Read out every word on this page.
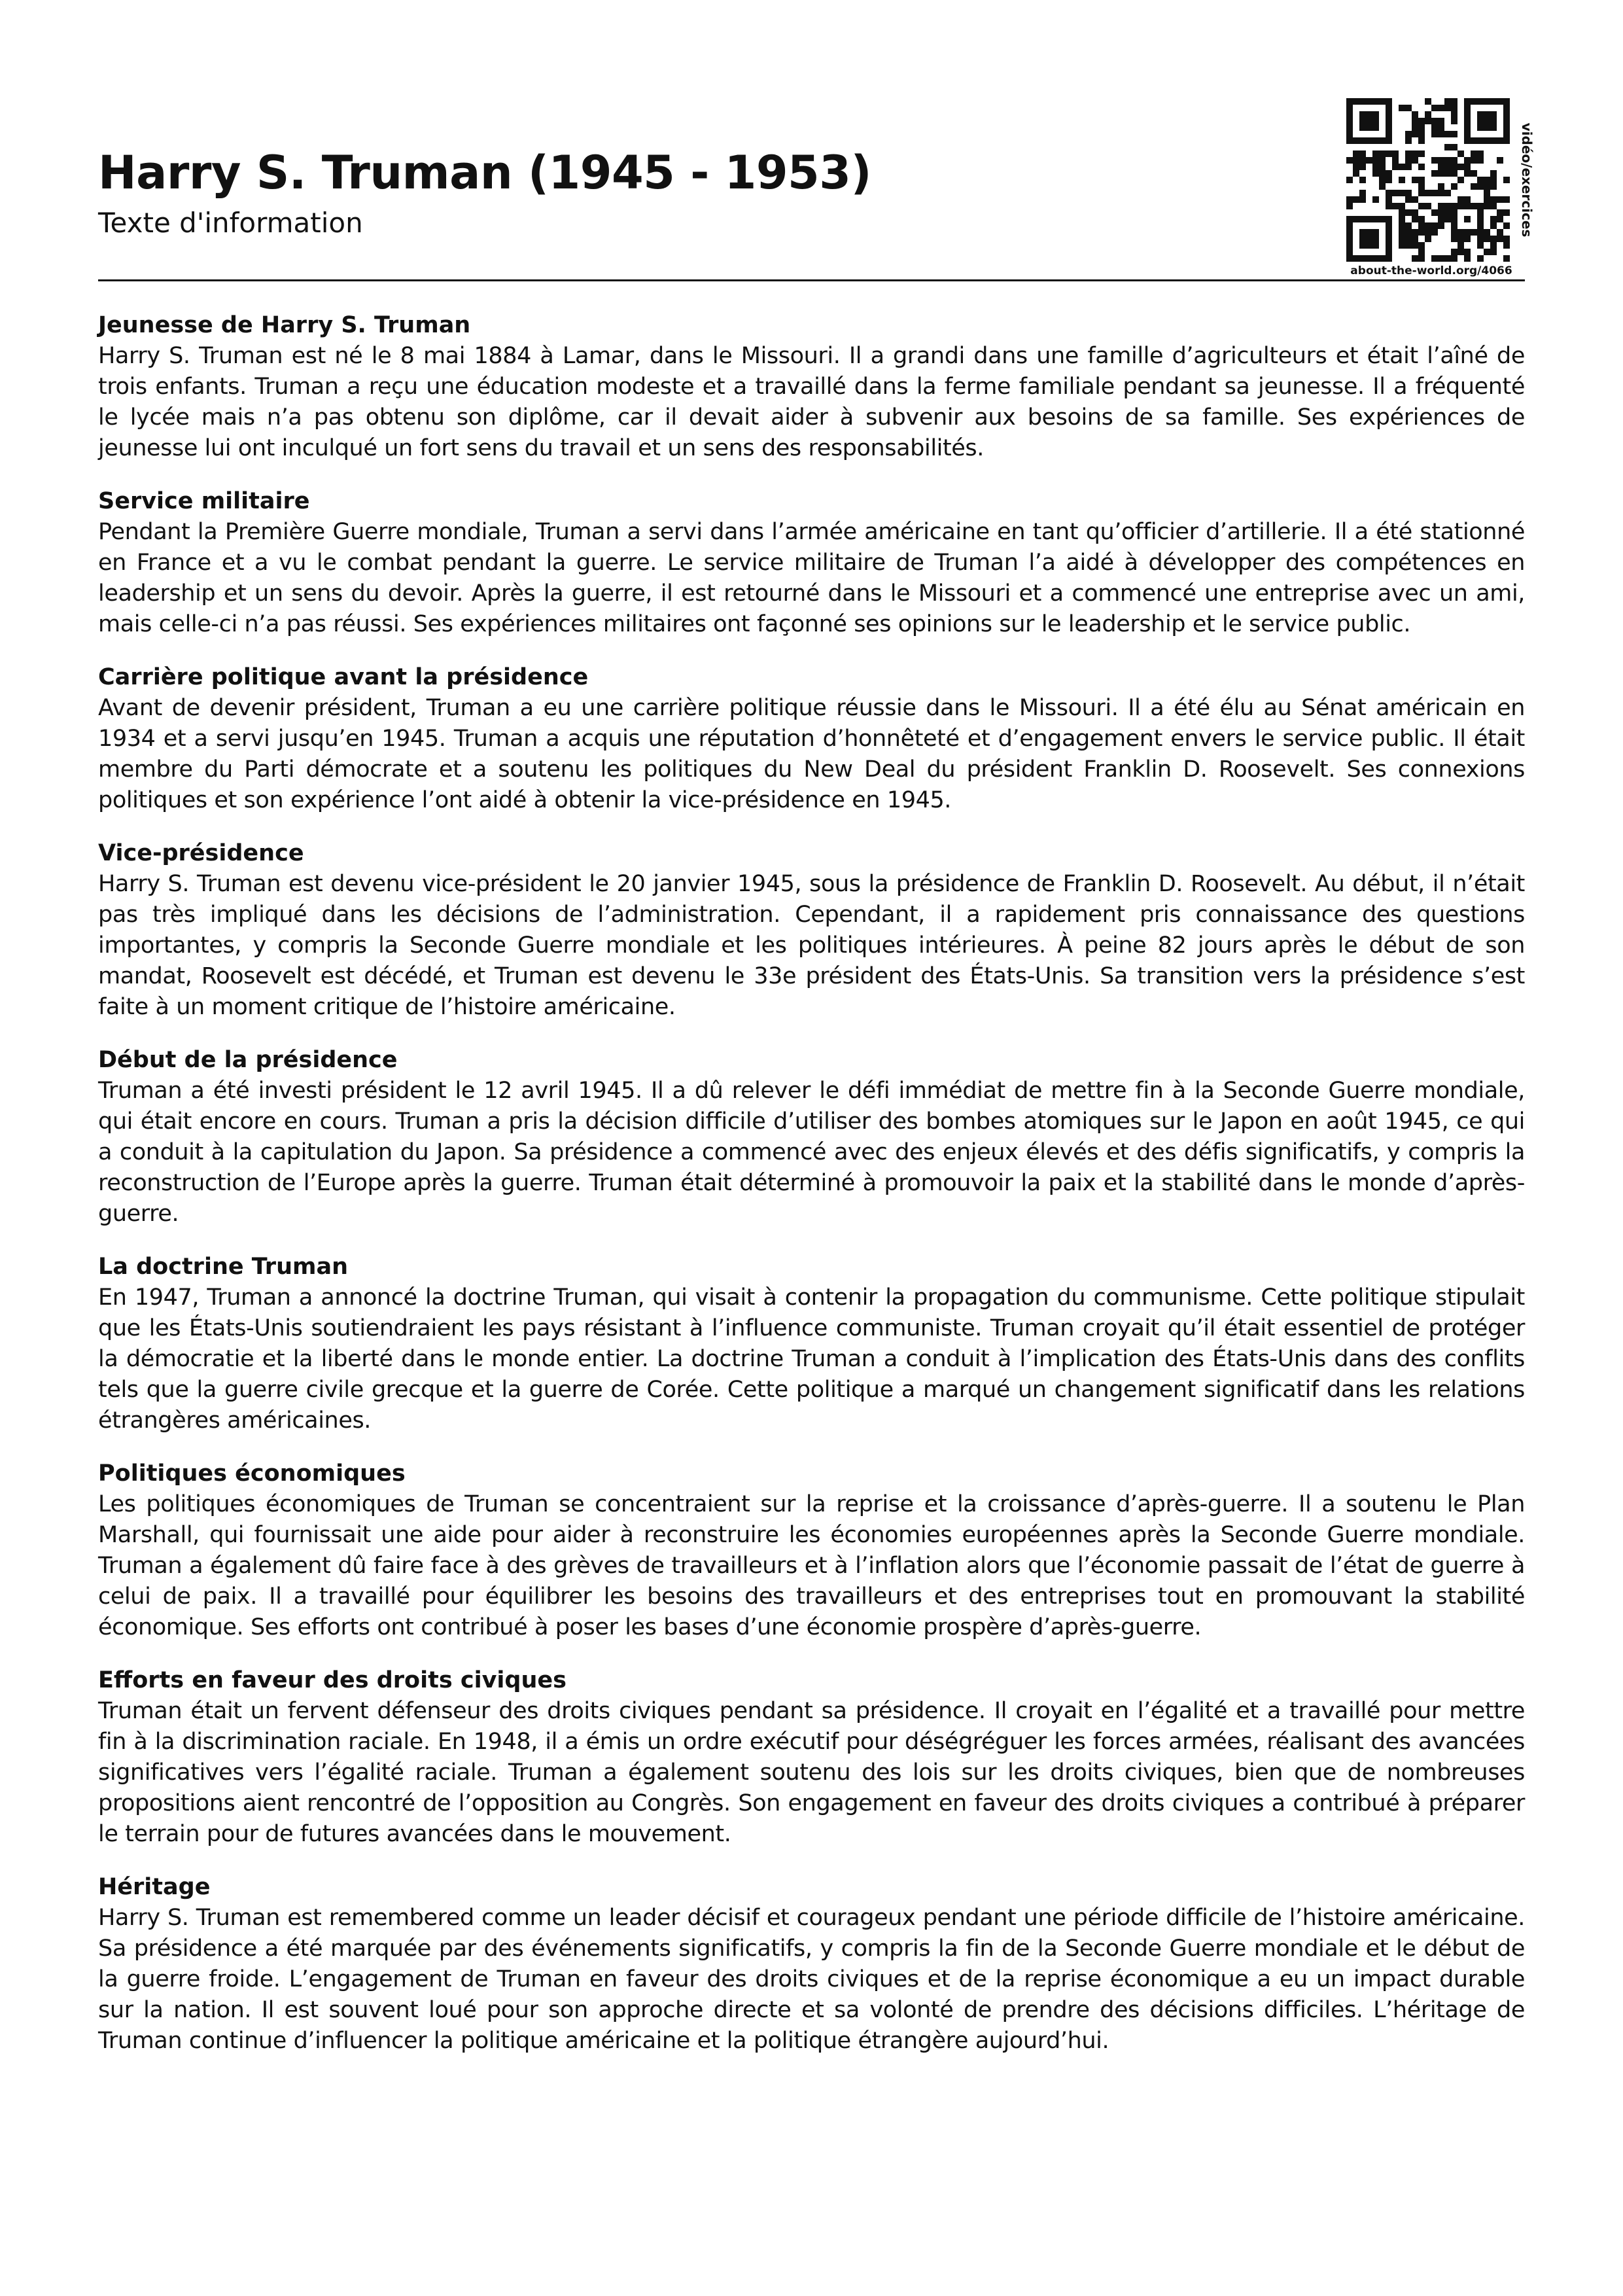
Harry S. Truman (1945 - 1953)
Texte d'information	vidéo/exercices
about-the-world.org/4066
Jeunesse de Harry S. Truman

Harry S. Truman est né le 8 mai 1884 à Lamar, dans le Missouri. Il a grandi dans une famille d’agriculteurs et était l’aîné de trois enfants. Truman a reçu une éducation modeste et a travaillé dans la ferme familiale pendant sa jeunesse. Il a fréquenté le lycée mais n’a pas obtenu son diplôme, car il devait aider à subvenir aux besoins de sa famille. Ses expériences de jeunesse lui ont inculqué un fort sens du travail et un sens des responsabilités.

Service militaire

Pendant la Première Guerre mondiale, Truman a servi dans l’armée américaine en tant qu’officier d’artillerie. Il a été stationné en France et a vu le combat pendant la guerre. Le service militaire de Truman l’a aidé à développer des compétences en leadership et un sens du devoir. Après la guerre, il est retourné dans le Missouri et a commencé une entreprise avec un ami, mais celle-ci n’a pas réussi. Ses expériences militaires ont façonné ses opinions sur le leadership et le service public.

Carrière politique avant la présidence

Avant de devenir président, Truman a eu une carrière politique réussie dans le Missouri. Il a été élu au Sénat américain en 1934 et a servi jusqu’en 1945. Truman a acquis une réputation d’honnêteté et d’engagement envers le service public. Il était membre du Parti démocrate et a soutenu les politiques du New Deal du président Franklin D. Roosevelt. Ses connexions politiques et son expérience l’ont aidé à obtenir la vice-présidence en 1945.

Vice-présidence

Harry S. Truman est devenu vice-président le 20 janvier 1945, sous la présidence de Franklin D. Roosevelt. Au début, il n’était pas très impliqué dans les décisions de l’administration. Cependant, il a rapidement pris connaissance des questions importantes, y compris la Seconde Guerre mondiale et les politiques intérieures. À peine 82 jours après le début de son mandat, Roosevelt est décédé, et Truman est devenu le 33e président des États-Unis. Sa transition vers la présidence s’est faite à un moment critique de l’histoire américaine.

Début de la présidence

Truman a été investi président le 12 avril 1945. Il a dû relever le défi immédiat de mettre fin à la Seconde Guerre mondiale, qui était encore en cours. Truman a pris la décision difficile d’utiliser des bombes atomiques sur le Japon en août 1945, ce qui a conduit à la capitulation du Japon. Sa présidence a commencé avec des enjeux élevés et des défis significatifs, y compris la reconstruction de l’Europe après la guerre. Truman était déterminé à promouvoir la paix et la stabilité dans le monde d’après-guerre.

La doctrine Truman

En 1947, Truman a annoncé la doctrine Truman, qui visait à contenir la propagation du communisme. Cette politique stipulait que les États-Unis soutiendraient les pays résistant à l’influence communiste. Truman croyait qu’il était essentiel de protéger la démocratie et la liberté dans le monde entier. La doctrine Truman a conduit à l’implication des États-Unis dans des conflits tels que la guerre civile grecque et la guerre de Corée. Cette politique a marqué un changement significatif dans les relations étrangères américaines.

Politiques économiques

Les politiques économiques de Truman se concentraient sur la reprise et la croissance d’après-guerre. Il a soutenu le Plan Marshall, qui fournissait une aide pour aider à reconstruire les économies européennes après la Seconde Guerre mondiale. Truman a également dû faire face à des grèves de travailleurs et à l’inflation alors que l’économie passait de l’état de guerre à celui de paix. Il a travaillé pour équilibrer les besoins des travailleurs et des entreprises tout en promouvant la stabilité économique. Ses efforts ont contribué à poser les bases d’une économie prospère d’après-guerre.

Efforts en faveur des droits civiques

Truman était un fervent défenseur des droits civiques pendant sa présidence. Il croyait en l’égalité et a travaillé pour mettre fin à la discrimination raciale. En 1948, il a émis un ordre exécutif pour déségréguer les forces armées, réalisant des avancées significatives vers l’égalité raciale. Truman a également soutenu des lois sur les droits civiques, bien que de nombreuses propositions aient rencontré de l’opposition au Congrès. Son engagement en faveur des droits civiques a contribué à préparer le terrain pour de futures avancées dans le mouvement.

Héritage

Harry S. Truman est remembered comme un leader décisif et courageux pendant une période difficile de l’histoire américaine. Sa présidence a été marquée par des événements significatifs, y compris la fin de la Seconde Guerre mondiale et le début de la guerre froide. L’engagement de Truman en faveur des droits civiques et de la reprise économique a eu un impact durable sur la nation. Il est souvent loué pour son approche directe et sa volonté de prendre des décisions difficiles. L’héritage de Truman continue d’influencer la politique américaine et la politique étrangère aujourd’hui.
